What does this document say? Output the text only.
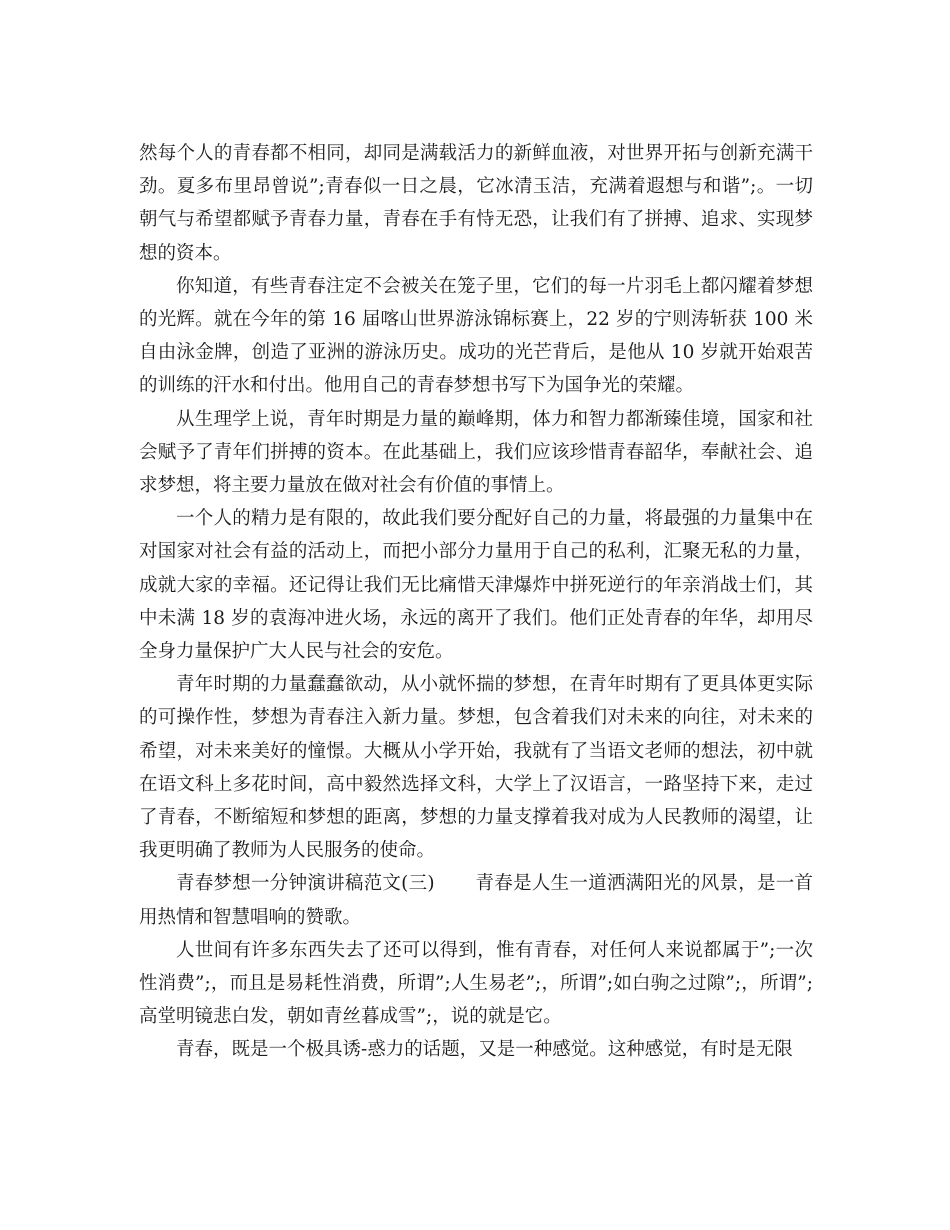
然每个人的青春都不相同，却同是满载活力的新鲜血液，对世界开拓与创新充满干劲。夏多布里昂曾说”;青春似一日之晨，它冰清玉洁，充满着遐想与和谐”;。一切朝气与希望都赋予青春力量，青春在手有恃无恐，让我们有了拼搏、追求、实现梦想的资本。

你知道，有些青春注定不会被关在笼子里，它们的每一片羽毛上都闪耀着梦想的光辉。就在今年的第 16 届喀山世界游泳锦标赛上，22 岁的宁则涛斩获 100 米自由泳金牌，创造了亚洲的游泳历史。成功的光芒背后，是他从 10 岁就开始艰苦的训练的汗水和付出。他用自己的青春梦想书写下为国争光的荣耀。

从生理学上说，青年时期是力量的巅峰期，体力和智力都渐臻佳境，国家和社会赋予了青年们拼搏的资本。在此基础上，我们应该珍惜青春韶华，奉献社会、追求梦想，将主要力量放在做对社会有价值的事情上。

一个人的精力是有限的，故此我们要分配好自己的力量，将最强的力量集中在对国家对社会有益的活动上，而把小部分力量用于自己的私利，汇聚无私的力量，成就大家的幸福。还记得让我们无比痛惜天津爆炸中拼死逆行的年亲消战士们，其中未满 18 岁的袁海冲进火场，永远的离开了我们。他们正处青春的年华，却用尽全身力量保护广大人民与社会的安危。

青年时期的力量蠢蠢欲动，从小就怀揣的梦想，在青年时期有了更具体更实际的可操作性，梦想为青春注入新力量。梦想，包含着我们对未来的向往，对未来的希望，对未来美好的憧憬。大概从小学开始，我就有了当语文老师的想法，初中就在语文科上多花时间，高中毅然选择文科，大学上了汉语言，一路坚持下来，走过了青春，不断缩短和梦想的距离，梦想的力量支撑着我对成为人民教师的渴望，让我更明确了教师为人民服务的使命。

青春梦想一分钟演讲稿范文(三) 青春是人生一道洒满阳光的风景，是一首用热情和智慧唱响的赞歌。

人世间有许多东西失去了还可以得到，惟有青春，对任何人来说都属于”;一次性消费”;，而且是易耗性消费，所谓”;人生易老”;，所谓”;如白驹之过隙”;，所谓”;高堂明镜悲白发，朝如青丝暮成雪”;，说的就是它。

青春，既是一个极具诱-惑力的话题，又是一种感觉。这种感觉，有时是无限
